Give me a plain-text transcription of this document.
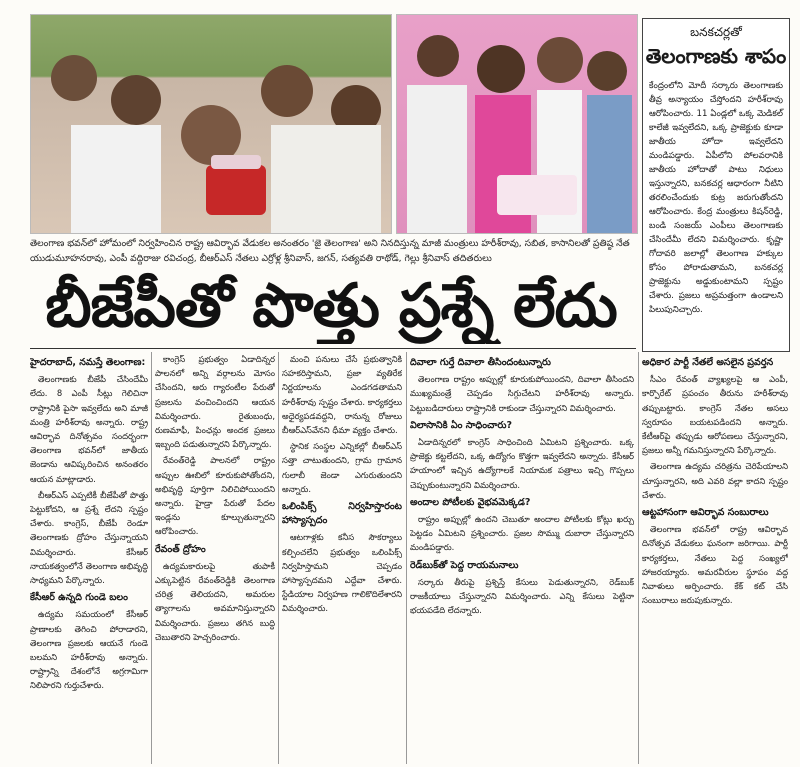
బనకచర్లతో
తెలంగాణకు శాపం
కేంద్రంలోని మోదీ సర్కారు తెలంగాణకు తీవ్ర అన్యాయం చేస్తోందని హరీశ్‌రావు ఆరోపించారు. 11 ఏండ్లలో ఒక్క మెడికల్ కాలేజీ ఇవ్వలేదని, ఒక్క ప్రాజెక్టుకు కూడా జాతీయ హోదా ఇవ్వలేదని మండిపడ్డారు. ఏపీలోని పోలవరానికి జాతీయ హోదాతో పాటు నిధులు ఇస్తున్నారని, బనకచర్ల ఆధారంగా నీటిని తరలించేందుకు కుట్ర జరుగుతోందని ఆరోపించారు. కేంద్ర మంత్రులు కిషన్‌రెడ్డి, బండి సంజయ్ ఎంపీలు తెలంగాణకు చేసిందేమీ లేదని విమర్శించారు. కృష్ణా గోదావరి జలాల్లో తెలంగాణ హక్కుల కోసం పోరాడుతామని, బనకచర్ల ప్రాజెక్టును అడ్డుకుంటామని స్పష్టం చేశారు. ప్రజలు అప్రమత్తంగా ఉండాలని పిలుపునిచ్చారు.
తెలంగాణ భవన్‌లో హోమంలో నిర్వహించిన రాష్ట్ర ఆవిర్భావ వేడుకల అనంతరం 'జై తెలంగాణ' అని నినదిస్తున్న మాజీ మంత్రులు హరీశ్‌రావు, సబిత, కాసానిలతో ప్రతిష్ఠ నేత యుడుమూహనరావు, ఎంపీ వద్దిరాజు రవిచంద్ర, బీఆర్‌ఎస్ నేతలు ఎర్రోళ్ల శ్రీనివాస్‌, జగన్‌, సత్యవతి రాథోడ్‌, గెల్లు శ్రీనివాస్‌ తదితరులు
బీజేపీతో పొత్తు ప్రశ్నే లేదు
హైదరాబాద్, నమస్తే తెలంగాణ:

తెలంగాణకు బీజేపీ చేసిందేమీ లేదు. 8 ఎంపీ సీట్లు గెలిచినా రాష్ట్రానికి పైసా ఇవ్వలేదు అని మాజీ మంత్రి హరీశ్‌రావు అన్నారు. రాష్ట్ర ఆవిర్భావ దినోత్సవం సందర్భంగా తెలంగాణ భవన్‌లో జాతీయ జెండాను ఆవిష్కరించిన అనంతరం ఆయన మాట్లాడారు.

బీఆర్‌ఎస్ ఎప్పటికీ బీజేపీతో పొత్తు పెట్టుకోదని, ఆ ప్రశ్నే లేదని స్పష్టం చేశారు. కాంగ్రెస్, బీజేపీ రెండూ తెలంగాణకు ద్రోహం చేస్తున్నాయని విమర్శించారు. కేసీఆర్ నాయకత్వంలోనే తెలంగాణ అభివృద్ధి సాధ్యమని పేర్కొన్నారు.

కేసీఆర్‌ ఉన్నది గుండె బలం

ఉద్యమ సమయంలో కేసీఆర్ ప్రాణాలకు తెగించి పోరాడారని, తెలంగాణ ప్రజలకు ఆయనే గుండె బలమని హరీశ్‌రావు అన్నారు. రాష్ట్రాన్ని దేశంలోనే అగ్రగామిగా నిలిపారని గుర్తుచేశారు.

కాంగ్రెస్ ప్రభుత్వం ఏడాదిన్నర పాలనలో అన్ని వర్గాలను మోసం చేసిందని, ఆరు గ్యారంటీల పేరుతో ప్రజలను వంచించిందని ఆయన విమర్శించారు. రైతుబంధు, రుణమాఫీ, పింఛన్లు అందక ప్రజలు ఇబ్బంది పడుతున్నారని పేర్కొన్నారు.

రేవంత్‌రెడ్డి పాలనలో రాష్ట్రం అప్పుల ఊబిలో కూరుకుపోతోందని, అభివృద్ధి పూర్తిగా నిలిచిపోయిందని అన్నారు. హైడ్రా పేరుతో పేదల ఇండ్లను కూల్చుతున్నారని ఆరోపించారు.

రేవంత్‌ ద్రోహం

ఉద్యమకారులపై తుపాకీ ఎక్కుపెట్టిన రేవంత్‌రెడ్డికి తెలంగాణ చరిత్ర తెలియదని, అమరుల త్యాగాలను అవమానిస్తున్నారని విమర్శించారు. ప్రజలు తగిన బుద్ధి చెబుతారని హెచ్చరించారు.

మంచి పనులు చేసే ప్రభుత్వానికి సహకరిస్తామని, ప్రజా వ్యతిరేక నిర్ణయాలను ఎండగడతామని హరీశ్‌రావు స్పష్టం చేశారు. కార్యకర్తలు అధైర్యపడవద్దని, రానున్న రోజులు బీఆర్‌ఎస్‌వేనని ధీమా వ్యక్తం చేశారు.

స్థానిక సంస్థల ఎన్నికల్లో బీఆర్‌ఎస్ సత్తా చాటుతుందని, గ్రామ గ్రామాన గులాబీ జెండా ఎగురుతుందని అన్నారు.

ఒలింపిక్స్ నిర్వహిస్తారంట హాస్యాస్పదం

ఆటగాళ్లకు కనీస సౌకర్యాలు కల్పించలేని ప్రభుత్వం ఒలింపిక్స్ నిర్వహిస్తామని చెప్పడం హాస్యాస్పదమని ఎద్దేవా చేశారు. స్టేడియాల నిర్వహణ గాలికొదిలేశారని విమర్శించారు.

దివాలా గుర్తే దివాలా తీసిందంటున్నారు

తెలంగాణ రాష్ట్రం అప్పుల్లో కూరుకుపోయిందని, దివాలా తీసిందని ముఖ్యమంత్రే చెప్పడం సిగ్గుచేటని హరీశ్‌రావు అన్నారు. పెట్టుబడిదారులు రాష్ట్రానికి రాకుండా చేస్తున్నారని విమర్శించారు.

విలాసానికి ఏం సాధించారు?

ఏడాదిన్నరలో కాంగ్రెస్ సాధించింది ఏమిటని ప్రశ్నించారు. ఒక్క ప్రాజెక్టు కట్టలేదని, ఒక్క ఉద్యోగం కొత్తగా ఇవ్వలేదని అన్నారు. కేసీఆర్ హయాంలో ఇచ్చిన ఉద్యోగాలకే నియామక పత్రాలు ఇచ్చి గొప్పలు చెప్పుకుంటున్నారని విమర్శించారు.

అందాల పోటీలకు వైభవమెక్కడ?

రాష్ట్రం అప్పుల్లో ఉందని చెబుతూ అందాల పోటీలకు కోట్లు ఖర్చు పెట్టడం ఏమిటని ప్రశ్నించారు. ప్రజల సొమ్ము దుబారా చేస్తున్నారని మండిపడ్డారు.

రెడ్‌బుక్‌తో పెద్ద రాయమనాలు

సర్కారు తీరుపై ప్రశ్నిస్తే కేసులు పెడుతున్నారని, రెడ్‌బుక్ రాజకీయాలు చేస్తున్నారని విమర్శించారు. ఎన్ని కేసులు పెట్టినా భయపడేది లేదన్నారు.

అధికార పార్టీ నేతలే అసలైన ప్రవర్తన

సీఎం రేవంత్ వ్యాఖ్యలపై ఆ ఎంపీ, కార్పొరేట్ ప్రపంచం తీరును హరీశ్‌రావు తప్పుబట్టారు. కాంగ్రెస్ నేతల అసలు స్వరూపం బయటపడిందని అన్నారు. కేటీఆర్‌పై తప్పుడు ఆరోపణలు చేస్తున్నారని, ప్రజలు అన్నీ గమనిస్తున్నారని పేర్కొన్నారు.

తెలంగాణ ఉద్యమ చరిత్రను చెరిపేయాలని చూస్తున్నారని, అది ఎవరి వల్లా కాదని స్పష్టం చేశారు.

ఆట్టహాసంగా ఆవిర్భావ సంబురాలు

తెలంగాణ భవన్‌లో రాష్ట్ర ఆవిర్భావ దినోత్సవ వేడుకలు ఘనంగా జరిగాయి. పార్టీ కార్యకర్తలు, నేతలు పెద్ద సంఖ్యలో హాజరయ్యారు. అమరవీరుల స్థూపం వద్ద నివాళులు అర్పించారు. కేక్ కట్ చేసి సంబురాలు జరుపుకున్నారు.
